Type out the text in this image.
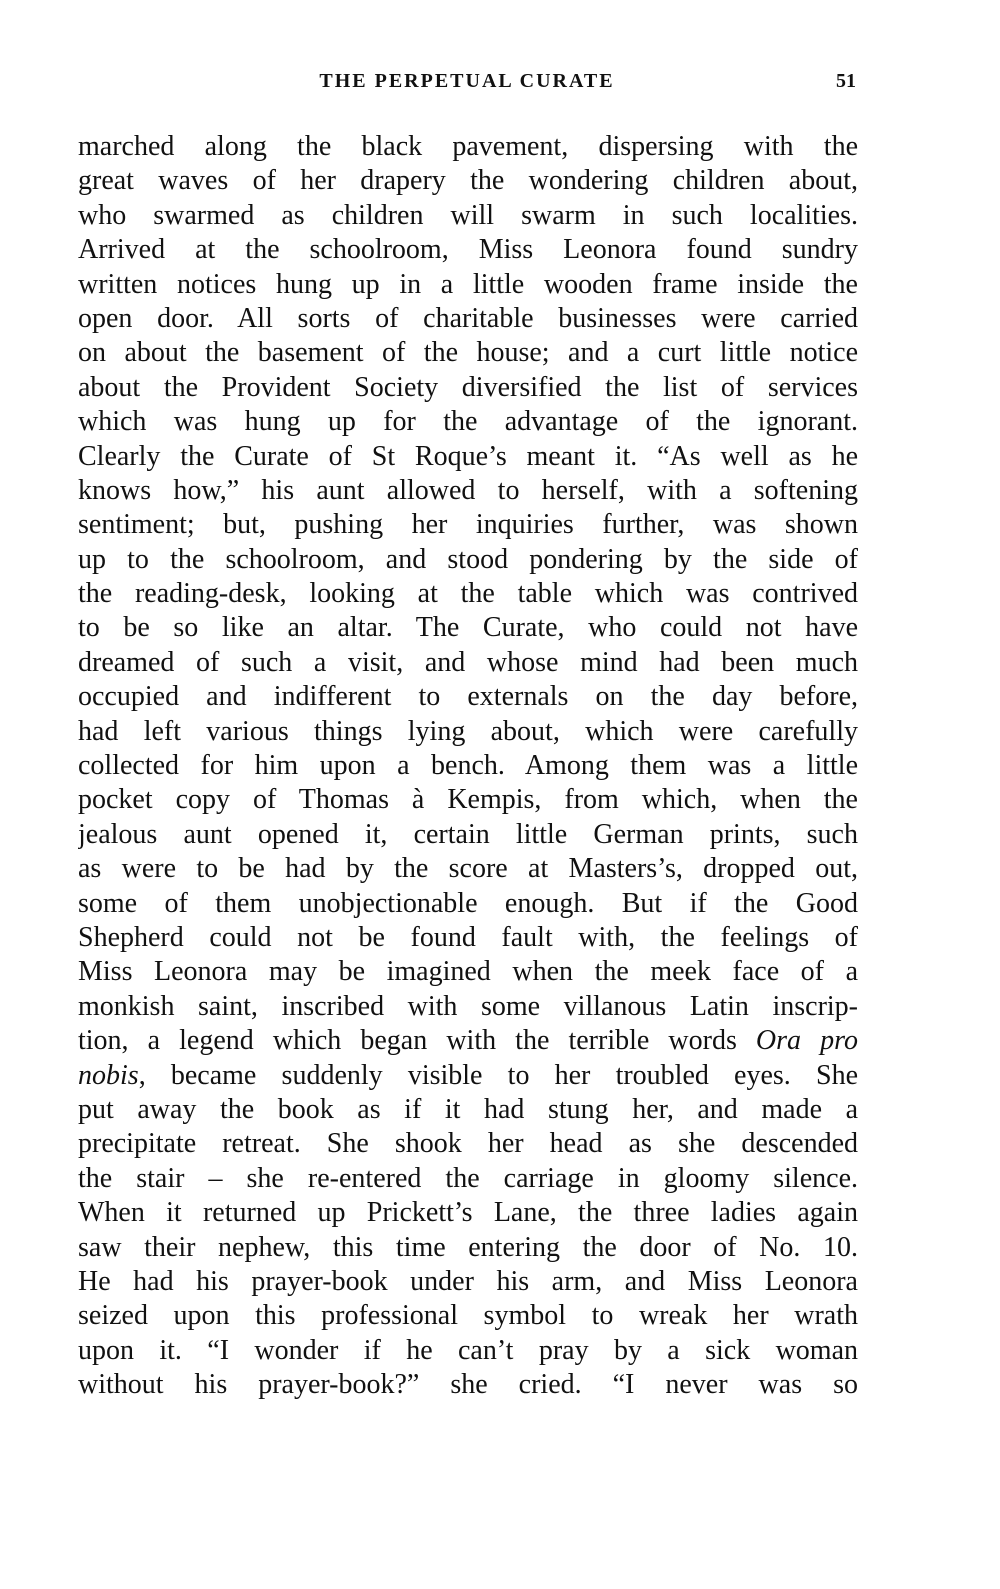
THE PERPETUAL CURATE	51
marched along the black pavement, dispersing with the
great waves of her drapery the wondering children about,
who swarmed as children will swarm in such localities.
Arrived at the schoolroom, Miss Leonora found sundry
written notices hung up in a little wooden frame inside the
open door. All sorts of charitable businesses were carried
on about the basement of the house; and a curt little notice
about the Provident Society diversified the list of services
which was hung up for the advantage of the ignorant.
Clearly the Curate of St Roque’s meant it. “As well as he
knows how,” his aunt allowed to herself, with a softening
sentiment; but, pushing her inquiries further, was shown
up to the schoolroom, and stood pondering by the side of
the reading-desk, looking at the table which was contrived
to be so like an altar. The Curate, who could not have
dreamed of such a visit, and whose mind had been much
occupied and indifferent to externals on the day before,
had left various things lying about, which were carefully
collected for him upon a bench. Among them was a little
pocket copy of Thomas à Kempis, from which, when the
jealous aunt opened it, certain little German prints, such
as were to be had by the score at Masters’s, dropped out,
some of them unobjectionable enough. But if the Good
Shepherd could not be found fault with, the feelings of
Miss Leonora may be imagined when the meek face of a
monkish saint, inscribed with some villanous Latin inscrip-
tion, a legend which began with the terrible words Ora pro
nobis, became suddenly visible to her troubled eyes. She
put away the book as if it had stung her, and made a
precipitate retreat. She shook her head as she descended
the stair – she re-entered the carriage in gloomy silence.
When it returned up Prickett’s Lane, the three ladies again
saw their nephew, this time entering the door of No. 10.
He had his prayer-book under his arm, and Miss Leonora
seized upon this professional symbol to wreak her wrath
upon it. “I wonder if he can’t pray by a sick woman
without his prayer-book?” she cried. “I never was so
